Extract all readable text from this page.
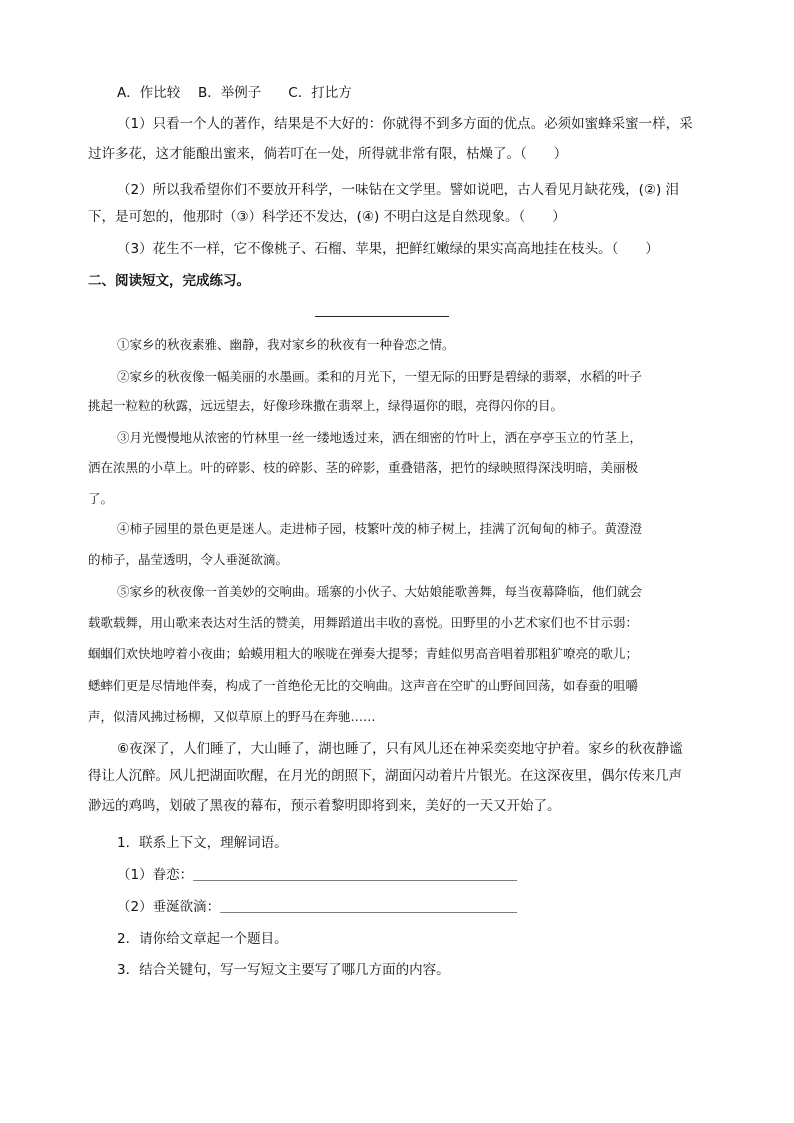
A．作比较　 B．举例子　　C．打比方
（1）只看一个人的著作，结果是不大好的：你就得不到多方面的优点。必须如蜜蜂采蜜一样，采
过许多花，这才能酿出蜜来，倘若叮在一处，所得就非常有限，枯燥了。（　　）
（2）所以我希望你们不要放开科学，一味钻在文学里。譬如说吧，古人看见月缺花残，(②) 泪
下，是可恕的，他那时（③）科学还不发达，(④) 不明白这是自然现象。（　　）
（3）花生不一样，它不像桃子、石榴、苹果，把鲜红嫩绿的果实高高地挂在枝头。（　　）
二、阅读短文，完成练习。
①家乡的秋夜素雅、幽静，我对家乡的秋夜有一种眷恋之情。
②家乡的秋夜像一幅美丽的水墨画。柔和的月光下，一望无际的田野是碧绿的翡翠，水稻的叶子
挑起一粒粒的秋露，远远望去，好像珍珠撒在翡翠上，绿得逼你的眼，亮得闪你的目。
③月光慢慢地从浓密的竹林里一丝一缕地透过来，洒在细密的竹叶上，洒在亭亭玉立的竹茎上，
洒在浓黑的小草上。叶的碎影、枝的碎影、茎的碎影，重叠错落，把竹的绿映照得深浅明暗，美丽极
了。
④柿子园里的景色更是迷人。走进柿子园，枝繁叶茂的柿子树上，挂满了沉甸甸的柿子。黄澄澄
的柿子，晶莹透明，令人垂涎欲滴。
⑤家乡的秋夜像一首美妙的交响曲。瑶寨的小伙子、大姑娘能歌善舞，每当夜幕降临，他们就会
载歌载舞，用山歌来表达对生活的赞美，用舞蹈道出丰收的喜悦。田野里的小艺术家们也不甘示弱：
蝈蝈们欢快地哼着小夜曲；蛤蟆用粗大的喉咙在弹奏大提琴；青蛙似男高音唱着那粗犷嘹亮的歌儿；
蟋蟀们更是尽情地伴奏，构成了一首绝伦无比的交响曲。这声音在空旷的山野间回荡，如春蚕的咀嚼
声，似清风拂过杨柳，又似草原上的野马在奔驰……
⑥夜深了，人们睡了，大山睡了，湖也睡了，只有风儿还在神采奕奕地守护着。家乡的秋夜静谧
得让人沉醉。风儿把湖面吹醒，在月光的朗照下，湖面闪动着片片银光。在这深夜里，偶尔传来几声
渺远的鸡鸣，划破了黑夜的幕布，预示着黎明即将到来，美好的一天又开始了。
1．联系上下文，理解词语。
（1）眷恋：＿＿＿＿＿＿＿＿＿＿＿＿＿＿＿＿＿＿＿＿＿＿＿＿
（2）垂涎欲滴：＿＿＿＿＿＿＿＿＿＿＿＿＿＿＿＿＿＿＿＿＿＿
2．请你给文章起一个题目。
3．结合关键句，写一写短文主要写了哪几方面的内容。
